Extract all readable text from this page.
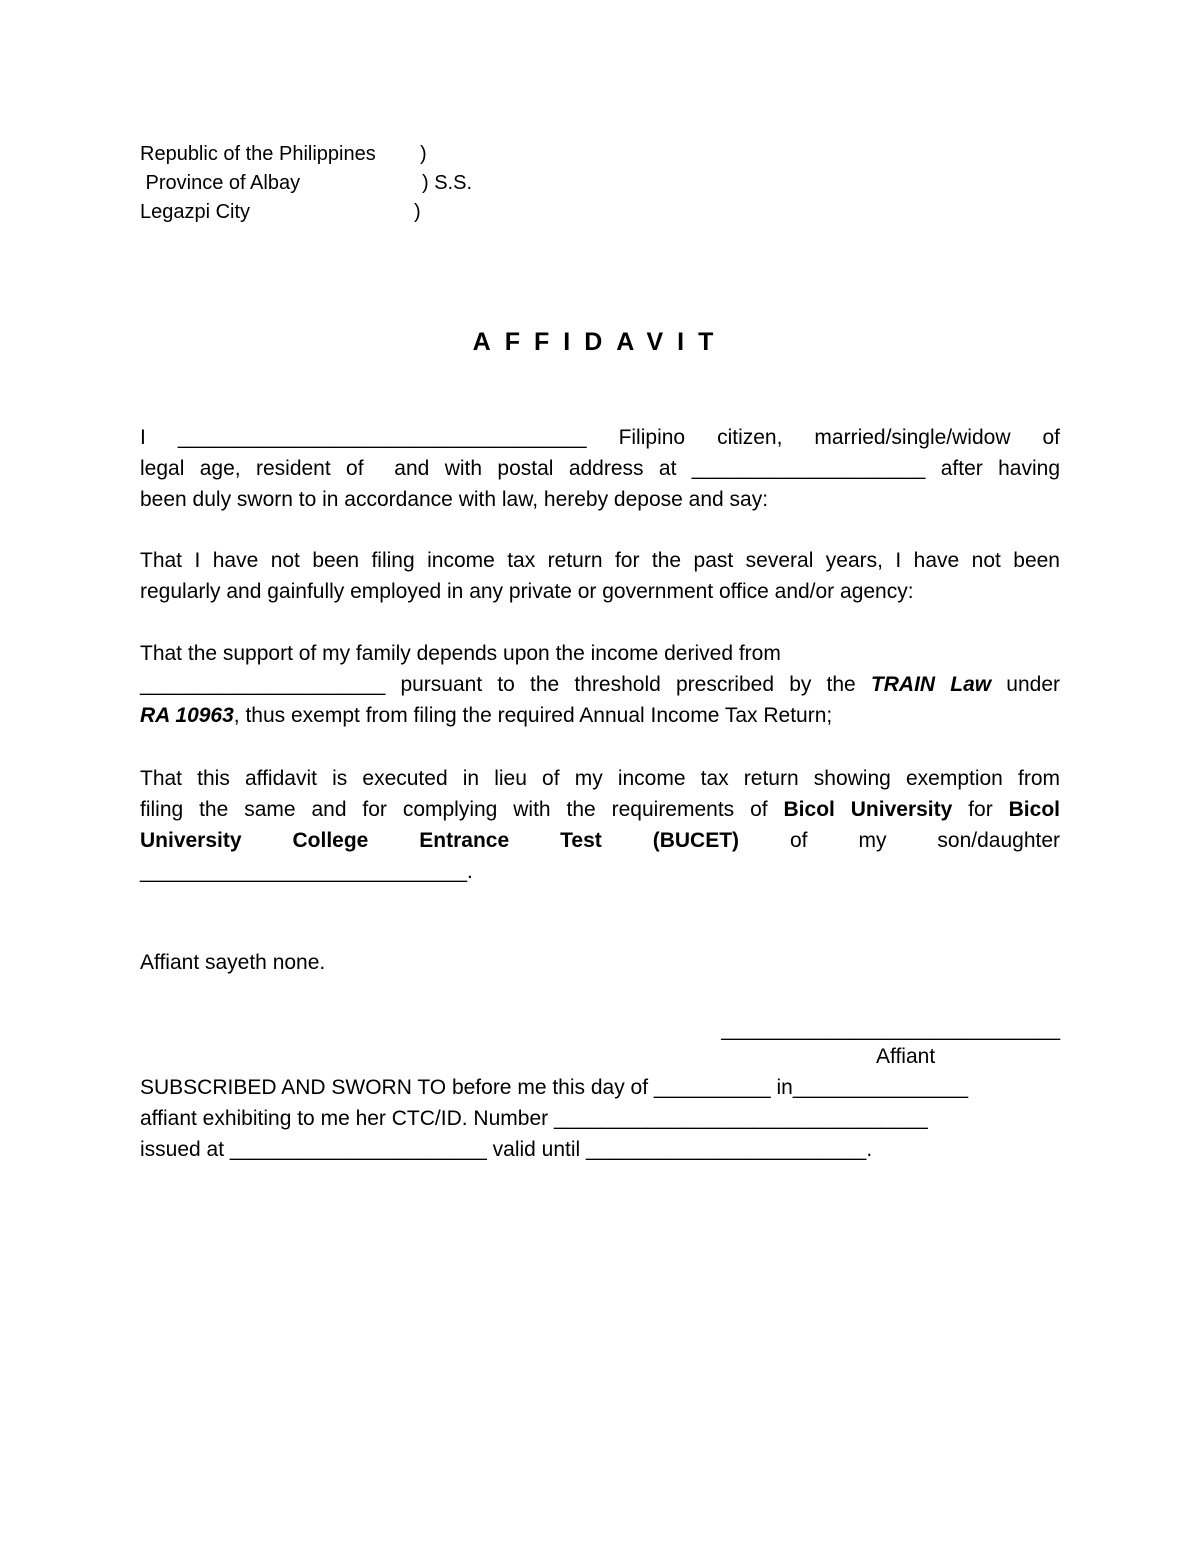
Republic of the Philippines )
Province of Albay	) S.S.
Legazpi City	)
AFFIDAVIT
I ___________________________________ Filipino citizen, married/single/widow of
legal age, resident of  and with postal address at ____________________ after having
been duly sworn to in accordance with law, hereby depose and say:
That I have not been filing income tax return for the past several years, I have not been
regularly and gainfully employed in any private or government office and/or agency:
That the support of my family depends upon the income derived from
_____________________ pursuant to the threshold prescribed by the TRAIN Law under
RA 10963, thus exempt from filing the required Annual Income Tax Return;
That this affidavit is executed in lieu of my income tax return showing exemption from
filing the same and for complying with the requirements of Bicol University for Bicol
University College Entrance Test (BUCET) of my son/daughter
____________________________.
Affiant sayeth none.
_____________________________
Affiant
SUBSCRIBED AND SWORN TO before me this day of __________ in_______________
affiant exhibiting to me her CTC/ID. Number ________________________________
issued at ______________________ valid until ________________________.
